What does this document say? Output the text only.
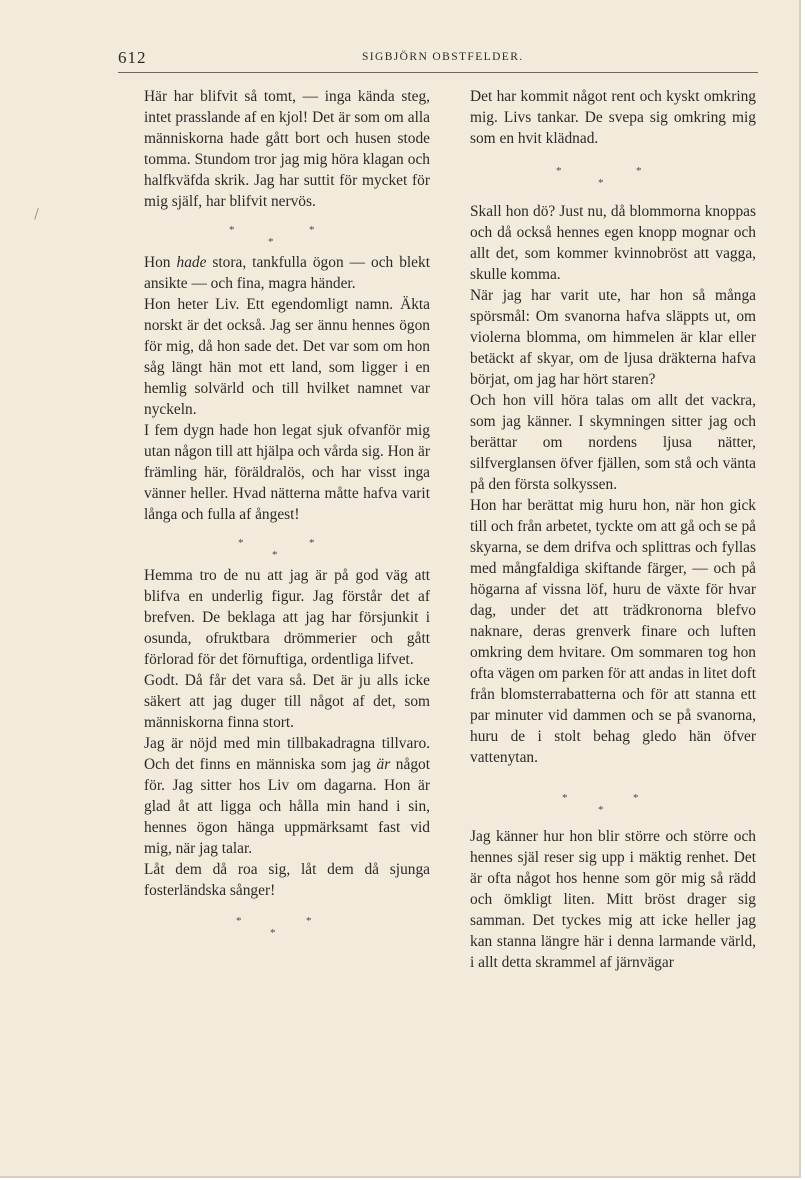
612	SIGBJÖRN OBSTFELDER.

Här har blifvit så tomt, — inga kända steg, intet prasslande af en kjol! Det är som om alla människorna hade gått bort och husen stode tomma. Stundom tror jag mig höra klagan och halfkväfda skrik. Jag har suttit för mycket för mig själf, har blifvit nervös.

*	*
*

Hon hade stora, tankfulla ögon — och blekt ansikte — och fina, magra händer.

Hon heter Liv. Ett egendomligt namn. Äkta norskt är det också. Jag ser ännu hennes ögon för mig, då hon sade det. Det var som om hon såg längt hän mot ett land, som ligger i en hemlig solvärld och till hvilket namnet var nyckeln.

I fem dygn hade hon legat sjuk ofvanför mig utan någon till att hjälpa och vårda sig. Hon är främling här, föräldralös, och har visst inga vänner heller. Hvad nätterna måtte hafva varit långa och fulla af ångest!

*	*
*

Hemma tro de nu att jag är på god väg att blifva en underlig figur. Jag förstår det af brefven. De beklaga att jag har försjunkit i osunda, ofruktbara drömmerier och gått förlorad för det förnuftiga, ordentliga lifvet.

Godt. Då får det vara så. Det är ju alls icke säkert att jag duger till något af det, som människorna finna stort.

Jag är nöjd med min tillbakadragna tillvaro. Och det finns en människa som jag är något för. Jag sitter hos Liv om dagarna. Hon är glad åt att ligga och hålla min hand i sin, hennes ögon hänga uppmärksamt fast vid mig, när jag talar.

Låt dem då roa sig, låt dem då sjunga fosterländska sånger!

*	*
*

Det har kommit något rent och kyskt omkring mig. Livs tankar. De svepa sig omkring mig som en hvit klädnad.

*	*
*

Skall hon dö? Just nu, då blommorna knoppas och då också hennes egen knopp mognar och allt det, som kommer kvinnobröst att vagga, skulle komma.

När jag har varit ute, har hon så många spörsmål: Om svanorna hafva släppts ut, om violerna blomma, om himmelen är klar eller betäckt af skyar, om de ljusa dräkterna hafva börjat, om jag har hört staren?

Och hon vill höra talas om allt det vackra, som jag känner. I skymningen sitter jag och berättar om nordens ljusa nätter, silfverglansen öfver fjällen, som stå och vänta på den första solkyssen.

Hon har berättat mig huru hon, när hon gick till och från arbetet, tyckte om att gå och se på skyarna, se dem drifva och splittras och fyllas med mångfaldiga skiftande färger, — och på högarna af vissna löf, huru de växte för hvar dag, under det att trädkronorna blefvo naknare, deras grenverk finare och luften omkring dem hvitare. Om sommaren tog hon ofta vägen om parken för att andas in litet doft från blomsterrabatterna och för att stanna ett par minuter vid dammen och se på svanorna, huru de i stolt behag gledo hän öfver vattenytan.

*	*
*

Jag känner hur hon blir större och större och hennes själ reser sig upp i mäktig renhet. Det är ofta något hos henne som gör mig så rädd och ömkligt liten. Mitt bröst drager sig samman. Det tyckes mig att icke heller jag kan stanna längre här i denna larmande värld, i allt detta skrammel af järnvägar
